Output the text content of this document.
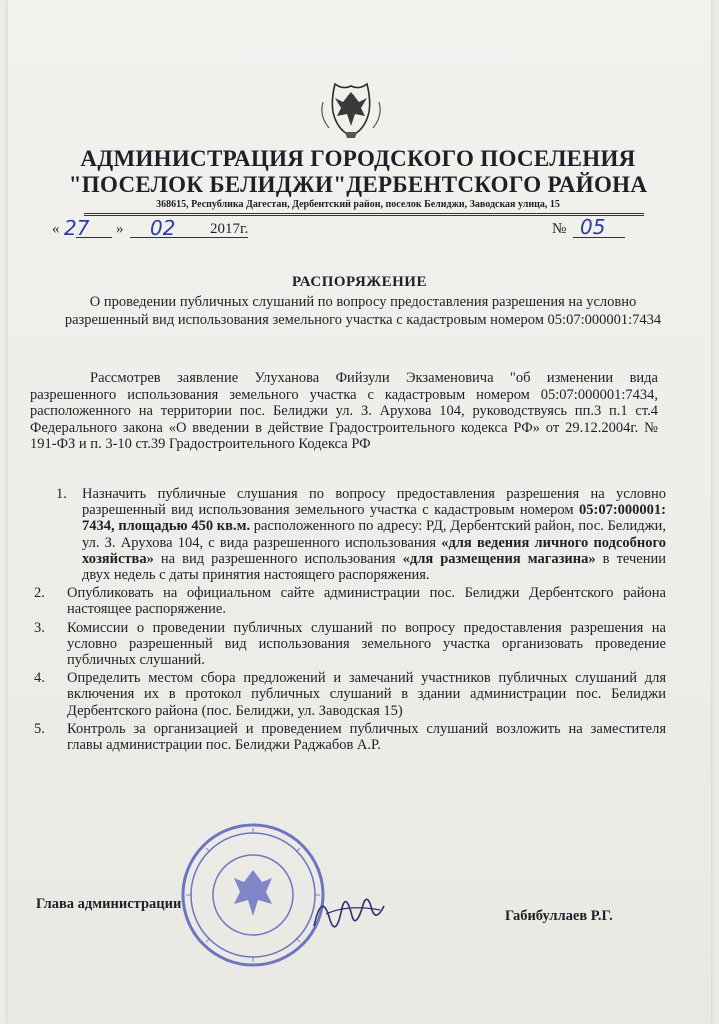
АДМИНИСТРАЦИЯ ГОРОДСКОГО ПОСЕЛЕНИЯ
"ПОСЕЛОК БЕЛИДЖИ"ДЕРБЕНТСКОГО РАЙОНА
368615, Республика Дагестан, Дербентский район, поселок Белиджи, Заводская улица, 15
« 27 » 02 2017г.	№ 05
РАСПОРЯЖЕНИЕ
О проведении публичных слушаний по вопросу предоставления разрешения на условно разрешенный вид использования земельного участка с кадастровым номером 05:07:000001:7434
Рассмотрев заявление Улуханова Фийзули Экзаменовича "об изменении вида разрешенного использования земельного участка с кадастровым номером 05:07:000001:7434, расположенного на территории пос. Белиджи ул. З. Арухова 104, руководствуясь пп.3 п.1 ст.4 Федерального закона «О введении в действие Градостроительного кодекса РФ» от 29.12.2004г. № 191-ФЗ и п. 3-10 ст.39 Градостроительного Кодекса РФ
1. Назначить публичные слушания по вопросу предоставления разрешения на условно разрешенный вид использования земельного участка с кадастровым номером 05:07:000001: 7434, площадью 450 кв.м. расположенного по адресу: РД, Дербентский район, пос. Белиджи, ул. З. Арухова 104, с вида разрешенного использования «для ведения личного подсобного хозяйства» на вид разрешенного использования «для размещения магазина» в течении двух недель с даты принятия настоящего распоряжения.
2. Опубликовать на официальном сайте администрации пос. Белиджи Дербентского района настоящее распоряжение.
3. Комиссии о проведении публичных слушаний по вопросу предоставления разрешения на условно разрешенный вид использования земельного участка организовать проведение публичных слушаний.
4. Определить местом сбора предложений и замечаний участников публичных слушаний для включения их в протокол публичных слушаний в здании администрации пос. Белиджи Дербентского района (пос. Белиджи, ул. Заводская 15)
5. Контроль за организацией и проведением публичных слушаний возложить на заместителя главы администрации пос. Белиджи Раджабов А.Р.
Глава администрации
Габибуллаев Р.Г.
